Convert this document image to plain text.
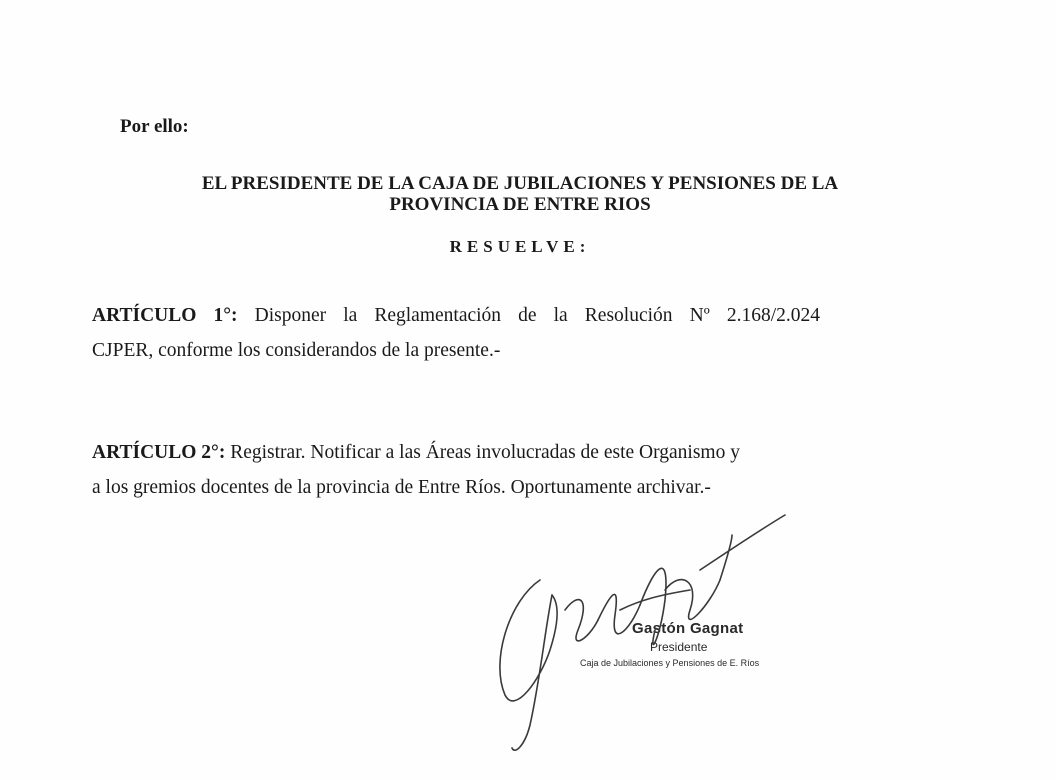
Por ello:
EL PRESIDENTE DE LA CAJA DE JUBILACIONES Y PENSIONES DE LA
PROVINCIA DE ENTRE RIOS
RESUELVE:
ARTÍCULO 1°: Disponer la Reglamentación de la Resolución Nº 2.168/2.024
CJPER, conforme los considerandos de la presente.-
ARTÍCULO 2°: Registrar. Notificar a las Áreas involucradas de este Organismo y
a los gremios docentes de la provincia de Entre Ríos. Oportunamente archivar.-
Gastón Gagnat
Presidente
Caja de Jubilaciones y Pensiones de E. Ríos
